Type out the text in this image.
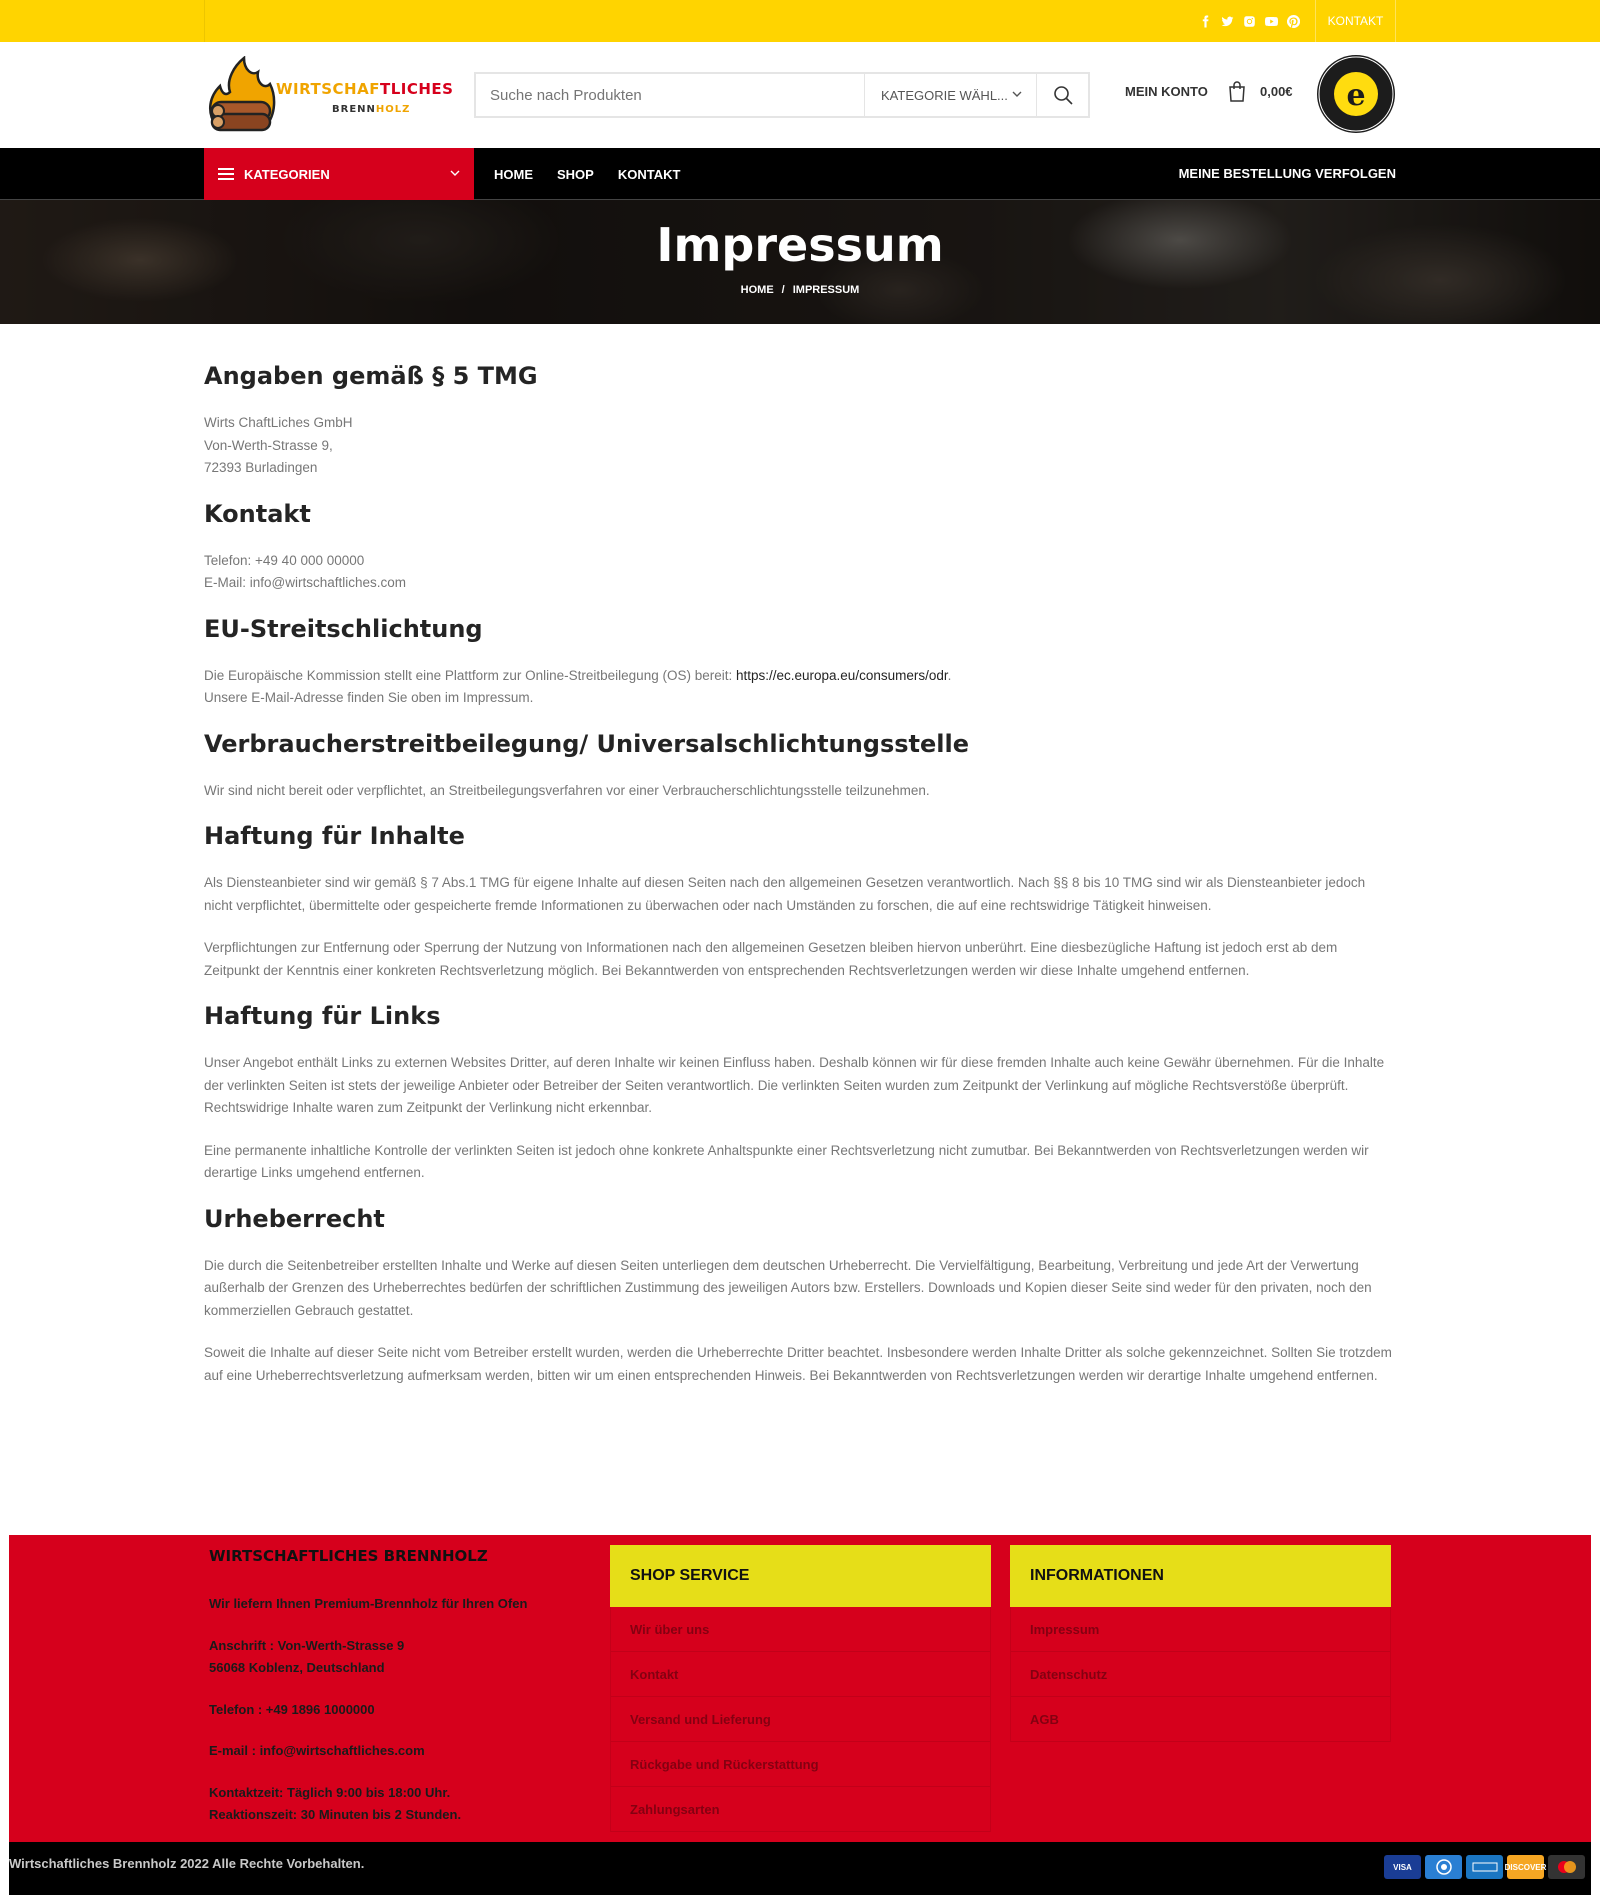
KONTAKT
WIRTSCHAFTLICHES
BRENNHOLZ
Suche nach Produkten
KATEGORIE WÄHL...	MEIN KONTO	0,00€ e
KATEGORIEN	HOME SHOP KONTAKT	MEINE BESTELLUNG VERFOLGEN
Impressum
HOME / IMPRESSUM
Angaben gemäß § 5 TMG

Wirts ChaftLiches GmbH
Von-Werth-Strasse 9,
72393 Burladingen

Kontakt

Telefon: +49 40 000 00000
E-Mail: info@wirtschaftliches.com

EU-Streitschlichtung

Die Europäische Kommission stellt eine Plattform zur Online-Streitbeilegung (OS) bereit: https://ec.europa.eu/consumers/odr.
Unsere E-Mail-Adresse finden Sie oben im Impressum.

Verbraucherstreitbeilegung/ Universalschlichtungsstelle

Wir sind nicht bereit oder verpflichtet, an Streitbeilegungsverfahren vor einer Verbraucherschlichtungsstelle teilzunehmen.

Haftung für Inhalte

Als Diensteanbieter sind wir gemäß § 7 Abs.1 TMG für eigene Inhalte auf diesen Seiten nach den allgemeinen Gesetzen verantwortlich. Nach §§ 8 bis 10 TMG sind wir als Diensteanbieter jedoch nicht verpflichtet, übermittelte oder gespeicherte fremde Informationen zu überwachen oder nach Umständen zu forschen, die auf eine rechtswidrige Tätigkeit hinweisen.

Verpflichtungen zur Entfernung oder Sperrung der Nutzung von Informationen nach den allgemeinen Gesetzen bleiben hiervon unberührt. Eine diesbezügliche Haftung ist jedoch erst ab dem Zeitpunkt der Kenntnis einer konkreten Rechtsverletzung möglich. Bei Bekanntwerden von entsprechenden Rechtsverletzungen werden wir diese Inhalte umgehend entfernen.

Haftung für Links

Unser Angebot enthält Links zu externen Websites Dritter, auf deren Inhalte wir keinen Einfluss haben. Deshalb können wir für diese fremden Inhalte auch keine Gewähr übernehmen. Für die Inhalte der verlinkten Seiten ist stets der jeweilige Anbieter oder Betreiber der Seiten verantwortlich. Die verlinkten Seiten wurden zum Zeitpunkt der Verlinkung auf mögliche Rechtsverstöße überprüft. Rechtswidrige Inhalte waren zum Zeitpunkt der Verlinkung nicht erkennbar.

Eine permanente inhaltliche Kontrolle der verlinkten Seiten ist jedoch ohne konkrete Anhaltspunkte einer Rechtsverletzung nicht zumutbar. Bei Bekanntwerden von Rechtsverletzungen werden wir derartige Links umgehend entfernen.

Urheberrecht

Die durch die Seitenbetreiber erstellten Inhalte und Werke auf diesen Seiten unterliegen dem deutschen Urheberrecht. Die Vervielfältigung, Bearbeitung, Verbreitung und jede Art der Verwertung außerhalb der Grenzen des Urheberrechtes bedürfen der schriftlichen Zustimmung des jeweiligen Autors bzw. Erstellers. Downloads und Kopien dieser Seite sind weder für den privaten, noch den kommerziellen Gebrauch gestattet.

Soweit die Inhalte auf dieser Seite nicht vom Betreiber erstellt wurden, werden die Urheberrechte Dritter beachtet. Insbesondere werden Inhalte Dritter als solche gekennzeichnet. Sollten Sie trotzdem auf eine Urheberrechtsverletzung aufmerksam werden, bitten wir um einen entsprechenden Hinweis. Bei Bekanntwerden von Rechtsverletzungen werden wir derartige Inhalte umgehend entfernen.

WIRTSCHAFTLICHES BRENNHOLZ

Wir liefern Ihnen Premium-Brennholz für Ihren Ofen

Anschrift : Von-Werth-Strasse 9
56068 Koblenz, Deutschland

Telefon : +49 1896 1000000

E-mail : info@wirtschaftliches.com

Kontaktzeit: Täglich 9:00 bis 18:00 Uhr.
Reaktionszeit: 30 Minuten bis 2 Stunden.

SHOP SERVICE
Wir über uns
Kontakt
Versand und Lieferung
Rückgabe und Rückerstattung
Zahlungsarten
INFORMATIONEN
Impressum
Datenschutz
AGB
Wirtschaftliches Brennholz 2022 Alle Rechte Vorbehalten.	VISA	DISCOVER
